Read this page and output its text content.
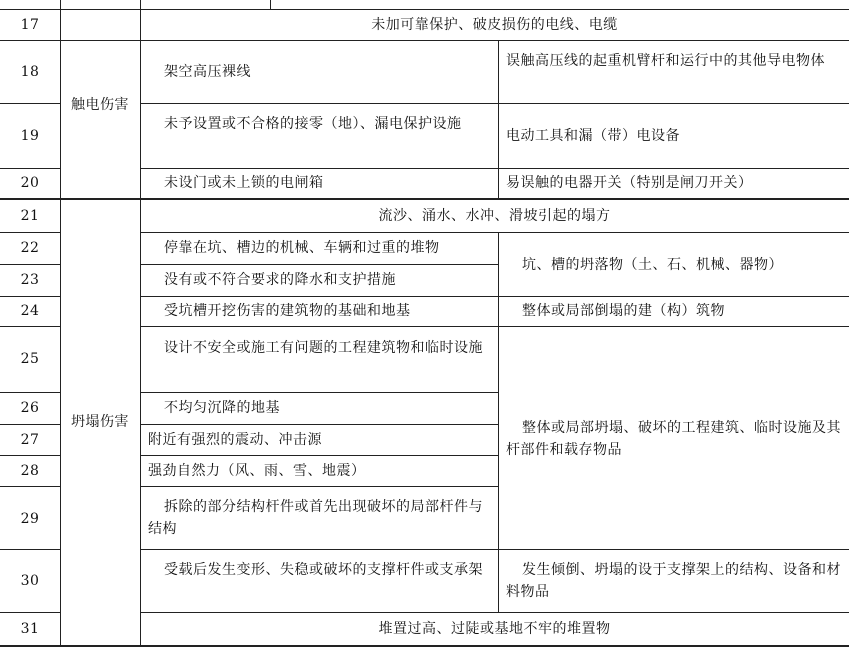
17
18
19
20
21
22
23
24
25
26
27
28
29
30
31
触电伤害
坍塌伤害
未加可靠保护、破皮损伤的电线、电缆
流沙、涌水、水冲、滑坡引起的塌方
堆置过高、过陡或基地不牢的堆置物
架空高压裸线
未予设置或不合格的接零（地）、漏电保护设施
未设门或未上锁的电闸箱
停靠在坑、槽边的机械、车辆和过重的堆物
没有或不符合要求的降水和支护措施
受坑槽开挖伤害的建筑物的基础和地基
设计不安全或施工有问题的工程建筑物和临时设施
不均匀沉降的地基
附近有强烈的震动、冲击源
强劲自然力（风、雨、雪、地震）
拆除的部分结构杆件或首先出现破坏的局部杆件与结构
受载后发生变形、失稳或破坏的支撑杆件或支承架
误触高压线的起重机臂杆和运行中的其他导电物体
电动工具和漏（带）电设备
易误触的电器开关（特别是闸刀开关）
坑、槽的坍落物（土、石、机械、器物）
整体或局部倒塌的建（构）筑物
整体或局部坍塌、破坏的工程建筑、临时设施及其杆部件和载存物品
发生倾倒、坍塌的设于支撑架上的结构、设备和材料物品
